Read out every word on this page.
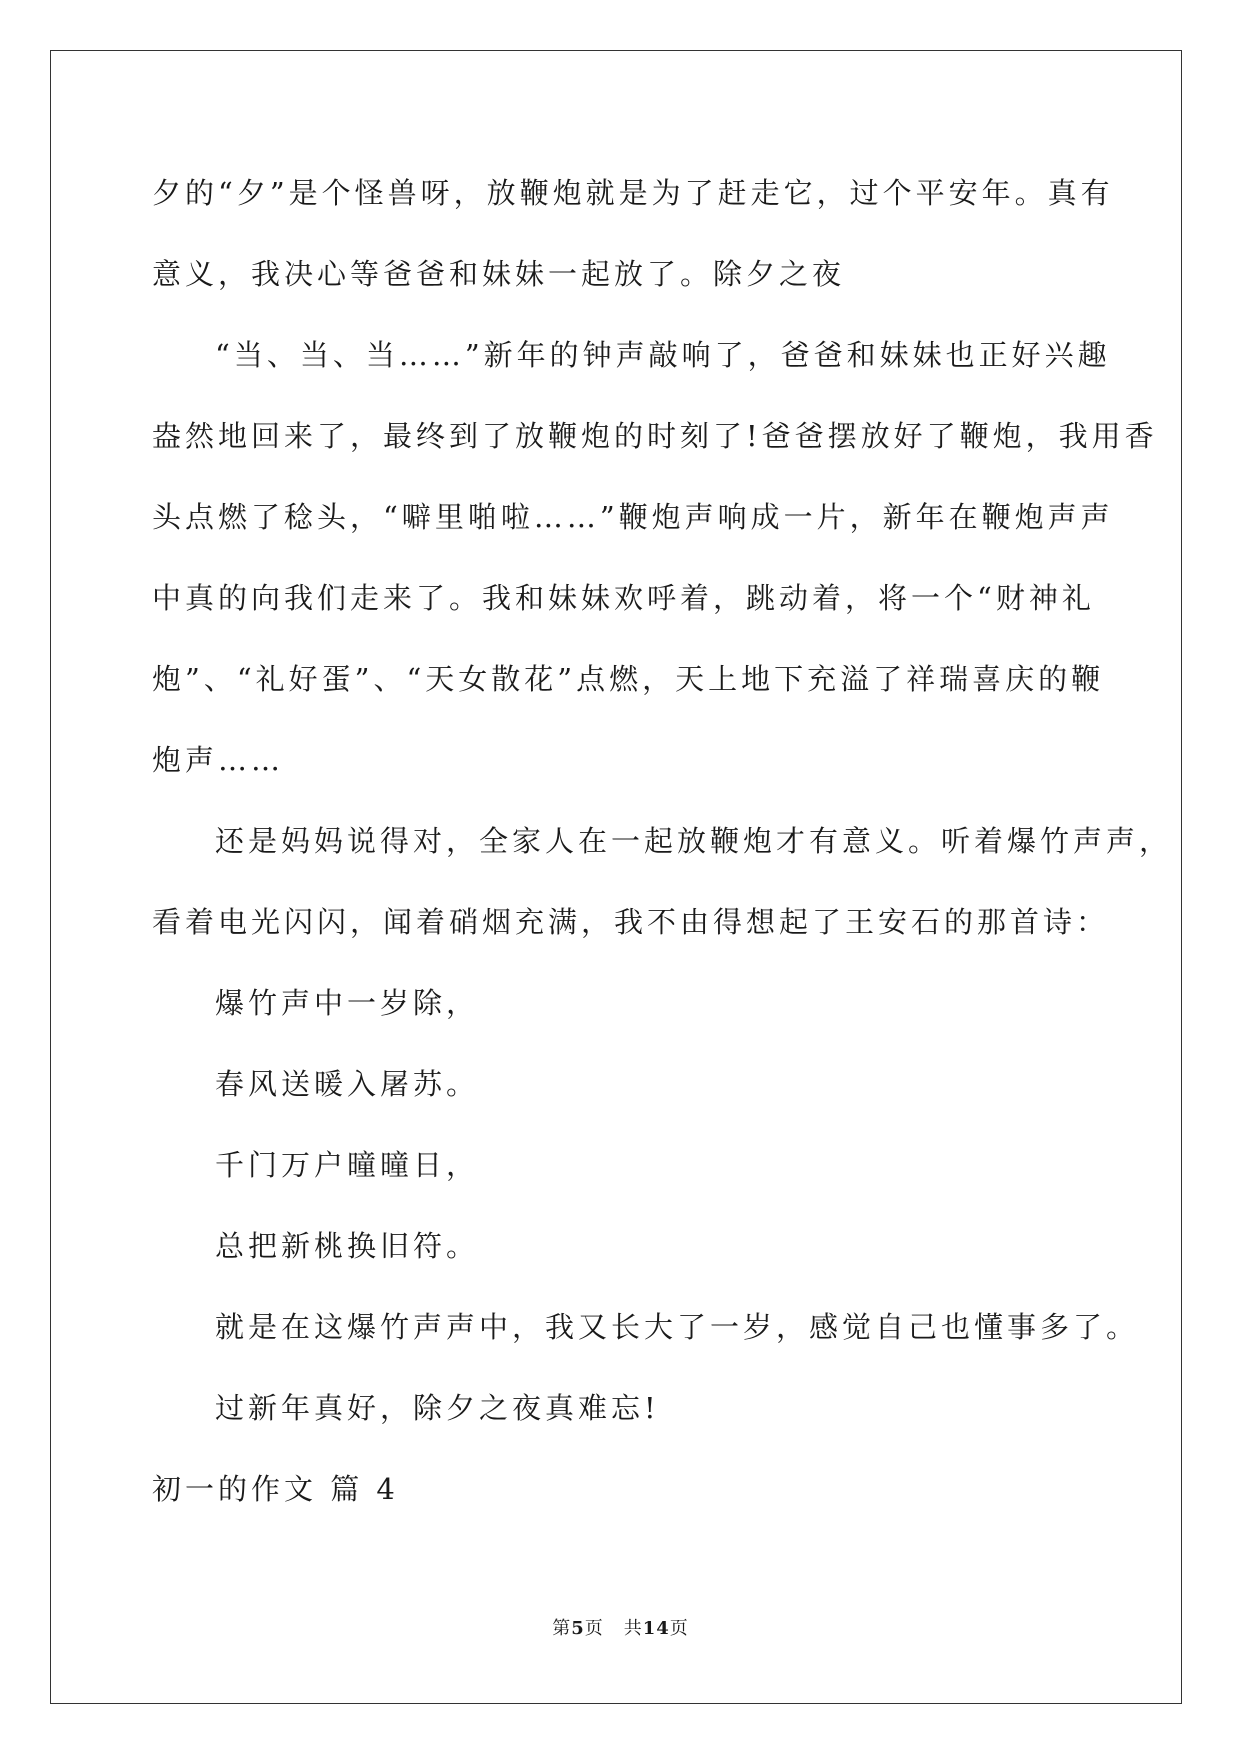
夕的“夕”是个怪兽呀，放鞭炮就是为了赶走它，过个平安年。真有
意义，我决心等爸爸和妹妹一起放了。除夕之夜
“当、当、当……”新年的钟声敲响了，爸爸和妹妹也正好兴趣
盎然地回来了，最终到了放鞭炮的时刻了!爸爸摆放好了鞭炮，我用香
头点燃了稔头，“噼里啪啦……”鞭炮声响成一片，新年在鞭炮声声
中真的向我们走来了。我和妹妹欢呼着，跳动着，将一个“财神礼
炮”、“礼好蛋”、“天女散花”点燃，天上地下充溢了祥瑞喜庆的鞭
炮声……
还是妈妈说得对，全家人在一起放鞭炮才有意义。听着爆竹声声，
看着电光闪闪，闻着硝烟充满，我不由得想起了王安石的那首诗：
爆竹声中一岁除，
春风送暖入屠苏。
千门万户曈曈日，
总把新桃换旧符。
就是在这爆竹声声中，我又长大了一岁，感觉自己也懂事多了。
过新年真好，除夕之夜真难忘!
初一的作文 篇 4
第5页 共14页
